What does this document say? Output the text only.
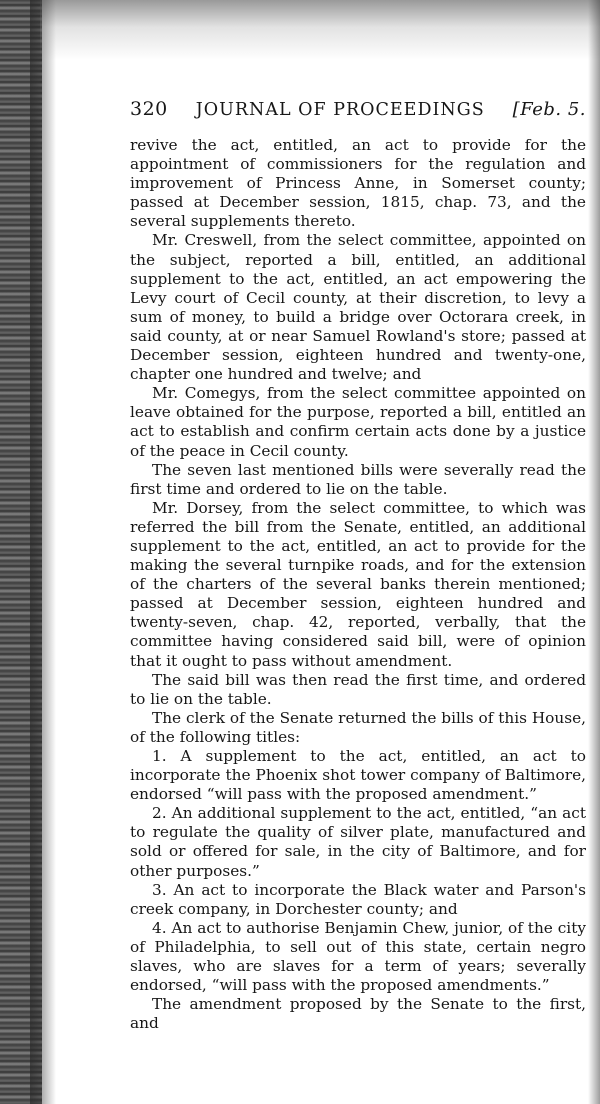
320 JOURNAL OF PROCEEDINGS [Feb. 5.

revive the act, entitled, an act to provide for the appointment of commissioners for the regulation and improvement of Princess Anne, in Somerset county; passed at December session, 1815, chap. 73, and the several supplements thereto.

Mr. Creswell, from the select committee, appointed on the subject, reported a bill, entitled, an additional supplement to the act, entitled, an act empowering the Levy court of Cecil county, at their discretion, to levy a sum of money, to build a bridge over Octorara creek, in said county, at or near Samuel Rowland's store; passed at December session, eighteen hundred and twenty-one, chapter one hundred and twelve; and

Mr. Comegys, from the select committee appointed on leave obtained for the purpose, reported a bill, entitled an act to establish and confirm certain acts done by a justice of the peace in Cecil county.

The seven last mentioned bills were severally read the first time and ordered to lie on the table.

Mr. Dorsey, from the select committee, to which was referred the bill from the Senate, entitled, an additional supplement to the act, entitled, an act to provide for the making the several turnpike roads, and for the extension of the charters of the several banks therein mentioned; passed at December session, eighteen hundred and twenty-seven, chap. 42, reported, verbally, that the committee having considered said bill, were of opinion that it ought to pass without amendment.

The said bill was then read the first time, and ordered to lie on the table.

The clerk of the Senate returned the bills of this House, of the following titles:

1. A supplement to the act, entitled, an act to incorporate the Phoenix shot tower company of Baltimore, endorsed “will pass with the proposed amendment.”

2. An additional supplement to the act, entitled, “an act to regulate the quality of silver plate, manufactured and sold or offered for sale, in the city of Baltimore, and for other purposes.”

3. An act to incorporate the Black water and Parson's creek company, in Dorchester county; and

4. An act to authorise Benjamin Chew, junior, of the city of Philadelphia, to sell out of this state, certain negro slaves, who are slaves for a term of years; severally endorsed, “will pass with the proposed amendments.”

The amendment proposed by the Senate to the first, and
